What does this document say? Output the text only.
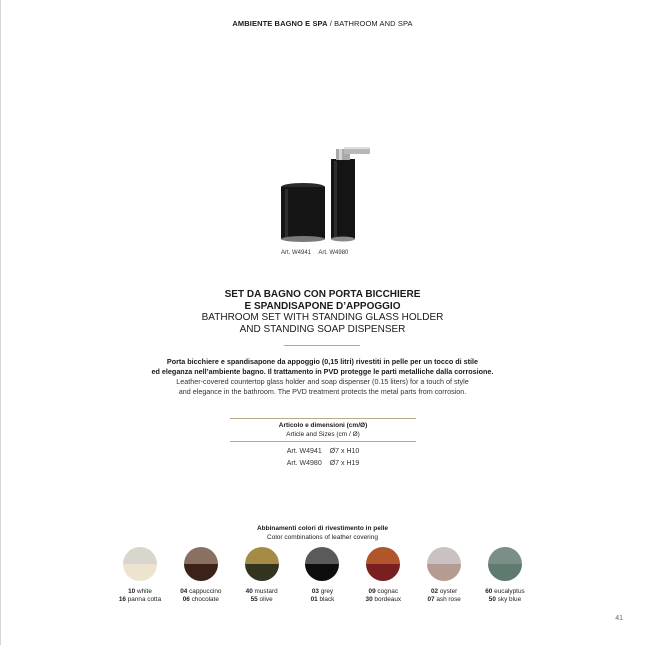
AMBIENTE BAGNO E SPA / BATHROOM AND SPA
Art. W4941 Art. W4980
SET DA BAGNO CON PORTA BICCHIERE
E SPANDISAPONE D’APPOGGIO
BATHROOM SET WITH STANDING GLASS HOLDER
AND STANDING SOAP DISPENSER
Porta bicchiere e spandisapone da appoggio (0,15 litri) rivestiti in pelle per un tocco di stile
ed eleganza nell’ambiente bagno. Il trattamento in PVD protegge le parti metalliche dalla corrosione.
Leather-covered countertop glass holder and soap dispenser (0.15 liters) for a touch of style
and elegance in the bathroom. The PVD treatment protects the metal parts from corrosion.
Articolo e dimensioni (cm/Ø)
Article and Sizes (cm / Ø)
Art. W4941	Ø7 x H10
Art. W4980	Ø7 x H19
Abbinamenti colori di rivestimento in pelle
Color combinations of leather covering
10 white
16 panna cotta
04 cappuccino
06 chocolate
40 mustard
55 olive
03 grey
01 black
09 cognac
30 bordeaux
02 oyster
07 ash rose
60 eucalyptus
50 sky blue
41
